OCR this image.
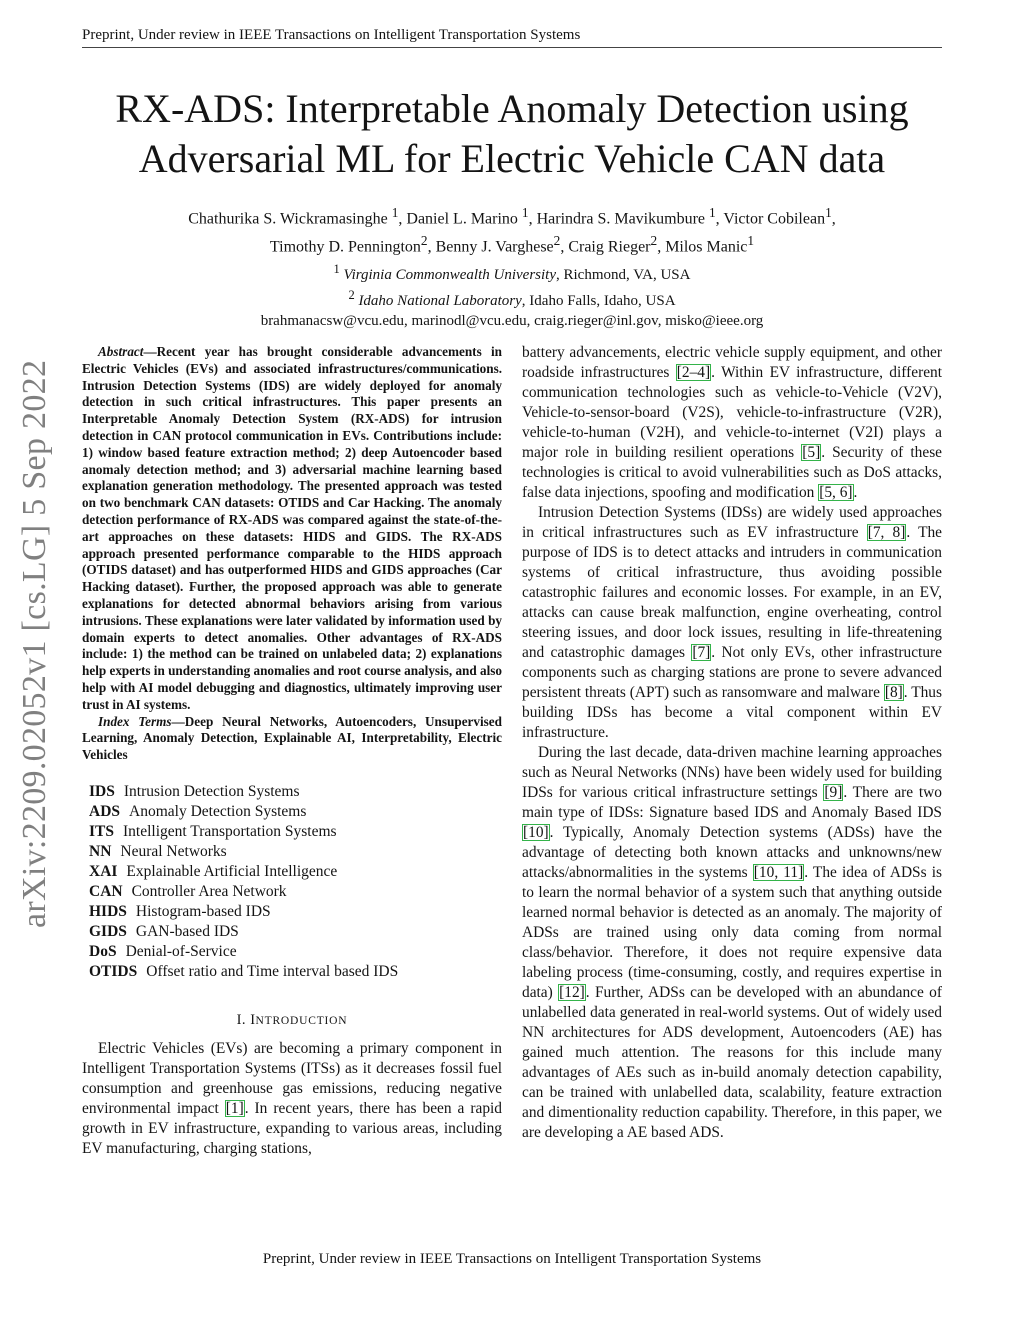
Preprint, Under review in IEEE Transactions on Intelligent Transportation Systems
RX-ADS: Interpretable Anomaly Detection using
Adversarial ML for Electric Vehicle CAN data
Chathurika S. Wickramasinghe $^1$, Daniel L. Marino $^1$, Harindra S. Mavikumbure $^1$, Victor Cobilean$^1$,
Timothy D. Pennington$^2$, Benny J. Varghese$^2$, Craig Rieger$^2$, Milos Manic$^1$
$^1$ Virginia Commonwealth University, Richmond, VA, USA
$^2$ Idaho National Laboratory, Idaho Falls, Idaho, USA
brahmanacsw@vcu.edu, marinodl@vcu.edu, craig.rieger@inl.gov, misko@ieee.org
arXiv:2209.02052v1 [cs.LG] 5 Sep 2022

Abstract—Recent year has brought considerable advancements in Electric Vehicles (EVs) and associated infrastructures/communications. Intrusion Detection Systems (IDS) are widely deployed for anomaly detection in such critical infrastructures. This paper presents an Interpretable Anomaly Detection System (RX-ADS) for intrusion detection in CAN protocol communication in EVs. Contributions include: 1) window based feature extraction method; 2) deep Autoencoder based anomaly detection method; and 3) adversarial machine learning based explanation generation methodology. The presented approach was tested on two benchmark CAN datasets: OTIDS and Car Hacking. The anomaly detection performance of RX-ADS was compared against the state-of-the-art approaches on these datasets: HIDS and GIDS. The RX-ADS approach presented performance comparable to the HIDS approach (OTIDS dataset) and has outperformed HIDS and GIDS approaches (Car Hacking dataset). Further, the proposed approach was able to generate explanations for detected abnormal behaviors arising from various intrusions. These explanations were later validated by information used by domain experts to detect anomalies. Other advantages of RX-ADS include: 1) the method can be trained on unlabeled data; 2) explanations help experts in understanding anomalies and root course analysis, and also help with AI model debugging and diagnostics, ultimately improving user trust in AI systems.

Index Terms—Deep Neural Networks, Autoencoders, Unsupervised Learning, Anomaly Detection, Explainable AI, Interpretability, Electric Vehicles

IDS Intrusion Detection Systems
ADS Anomaly Detection Systems
ITS Intelligent Transportation Systems
NN Neural Networks
XAI Explainable Artificial Intelligence
CAN Controller Area Network
HIDS Histogram-based IDS
GIDS GAN-based IDS
DoS Denial-of-Service
OTIDS Offset ratio and Time interval based IDS
I. INTRODUCTION

Electric Vehicles (EVs) are becoming a primary component in Intelligent Transportation Systems (ITSs) as it decreases fossil fuel consumption and greenhouse gas emissions, reducing negative environmental impact [1]. In recent years, there has been a rapid growth in EV infrastructure, expanding to various areas, including EV manufacturing, charging stations,

battery advancements, electric vehicle supply equipment, and other roadside infrastructures [2–4]. Within EV infrastructure, different communication technologies such as vehicle-to-Vehicle (V2V), Vehicle-to-sensor-board (V2S), vehicle-to-infrastructure (V2R), vehicle-to-human (V2H), and vehicle-to-internet (V2I) plays a major role in building resilient operations [5]. Security of these technologies is critical to avoid vulnerabilities such as DoS attacks, false data injections, spoofing and modification [5, 6].

Intrusion Detection Systems (IDSs) are widely used approaches in critical infrastructures such as EV infrastructure [7, 8]. The purpose of IDS is to detect attacks and intruders in communication systems of critical infrastructure, thus avoiding possible catastrophic failures and economic losses. For example, in an EV, attacks can cause break malfunction, engine overheating, control steering issues, and door lock issues, resulting in life-threatening and catastrophic damages [7]. Not only EVs, other infrastructure components such as charging stations are prone to severe advanced persistent threats (APT) such as ransomware and malware [8]. Thus building IDSs has become a vital component within EV infrastructure.

During the last decade, data-driven machine learning approaches such as Neural Networks (NNs) have been widely used for building IDSs for various critical infrastructure settings [9]. There are two main type of IDSs: Signature based IDS and Anomaly Based IDS [10]. Typically, Anomaly Detection systems (ADSs) have the advantage of detecting both known attacks and unknowns/new attacks/abnormalities in the systems [10, 11]. The idea of ADSs is to learn the normal behavior of a system such that anything outside learned normal behavior is detected as an anomaly. The majority of ADSs are trained using only data coming from normal class/behavior. Therefore, it does not require expensive data labeling process (time-consuming, costly, and requires expertise in data) [12]. Further, ADSs can be developed with an abundance of unlabelled data generated in real-world systems. Out of widely used NN architectures for ADS development, Autoencoders (AE) has gained much attention. The reasons for this include many advantages of AEs such as in-build anomaly detection capability, can be trained with unlabelled data, scalability, feature extraction and dimentionality reduction capability. Therefore, in this paper, we are developing a AE based ADS.

Preprint, Under review in IEEE Transactions on Intelligent Transportation Systems
